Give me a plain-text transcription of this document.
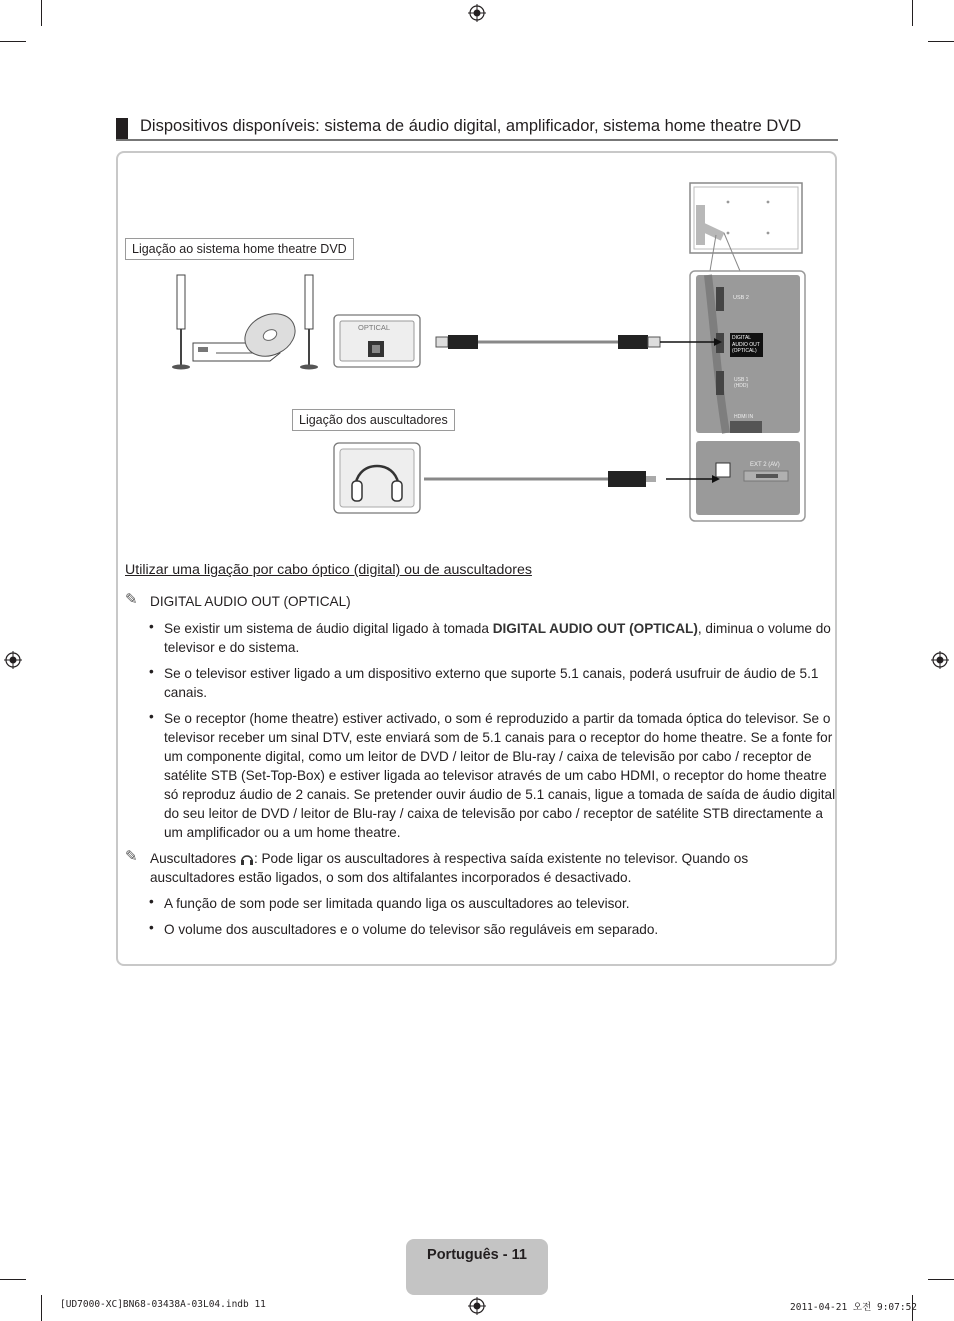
Dispositivos disponíveis: sistema de áudio digital, amplificador, sistema home theatre DVD
Ligação ao sistema home theatre DVD
Ligação dos auscultadores
OPTICAL
USB 2
DIGITAL
AUDIO OUT
(OPTICAL)
USB 1
(HDD)
HDMI IN
EXT 2 (AV)
Utilizar uma ligação por cabo óptico (digital) ou de auscultadores
✎ DIGITAL AUDIO OUT (OPTICAL)
• Se existir um sistema de áudio digital ligado à tomada DIGITAL AUDIO OUT (OPTICAL), diminua o volume do televisor e do sistema.
• Se o televisor estiver ligado a um dispositivo externo que suporte 5.1 canais, poderá usufruir de áudio de 5.1 canais.
• Se o receptor (home theatre) estiver activado, o som é reproduzido a partir da tomada óptica do televisor. Se o televisor receber um sinal DTV, este enviará som de 5.1 canais para o receptor do home theatre. Se a fonte for um componente digital, como um leitor de DVD / leitor de Blu-ray / caixa de televisão por cabo / receptor de satélite STB (Set-Top-Box) e estiver ligada ao televisor através de um cabo HDMI, o receptor do home theatre só reproduz áudio de 2 canais. Se pretender ouvir áudio de 5.1 canais, ligue a tomada de saída de áudio digital do seu leitor de DVD / leitor de Blu-ray / caixa de televisão por cabo / receptor de satélite STB directamente a um amplificador ou a um home theatre.
✎ Auscultadores : Pode ligar os auscultadores à respectiva saída existente no televisor. Quando os auscultadores estão ligados, o som dos altifalantes incorporados é desactivado.
• A função de som pode ser limitada quando liga os auscultadores ao televisor.
• O volume dos auscultadores e o volume do televisor são reguláveis em separado.
Português - 11
[UD7000-XC]BN68-03438A-03L04.indb 11	2011-04-21 오전 9:07:52
